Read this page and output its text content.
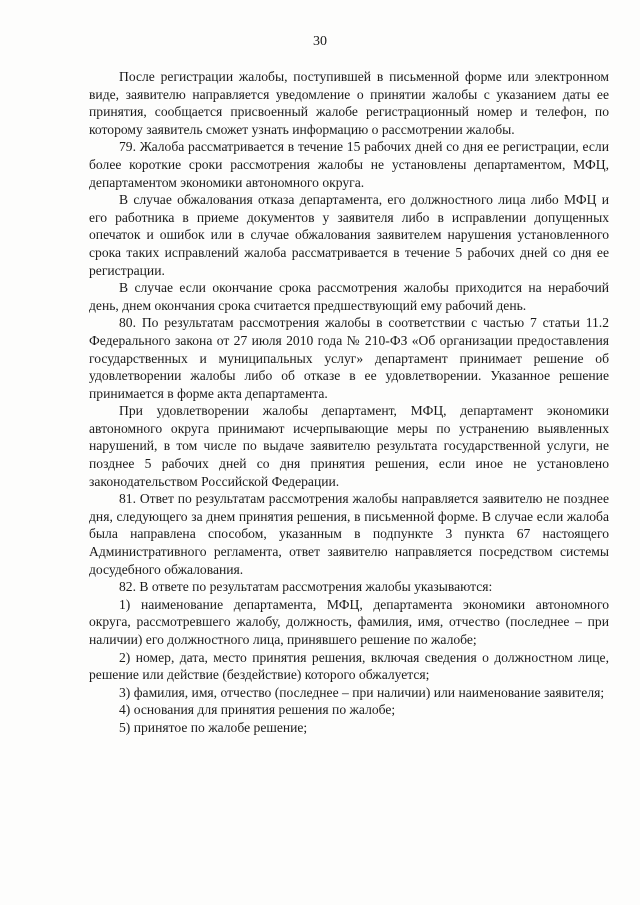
30

После регистрации жалобы, поступившей в письменной форме или электронном виде, заявителю направляется уведомление о принятии жалобы с указанием даты ее принятия, сообщается присвоенный жалобе регистрационный номер и телефон, по которому заявитель сможет узнать информацию о рассмотрении жалобы.

79. Жалоба рассматривается в течение 15 рабочих дней со дня ее регистрации, если более короткие сроки рассмотрения жалобы не установлены департаментом, МФЦ, департаментом экономики автономного округа.

В случае обжалования отказа департамента, его должностного лица либо МФЦ и его работника в приеме документов у заявителя либо в исправлении допущенных опечаток и ошибок или в случае обжалования заявителем нарушения установленного срока таких исправлений жалоба рассматривается в течение 5 рабочих дней со дня ее регистрации.

В случае если окончание срока рассмотрения жалобы приходится на нерабочий день, днем окончания срока считается предшествующий ему рабочий день.

80. По результатам рассмотрения жалобы в соответствии с частью 7 статьи 11.2 Федерального закона от 27 июля 2010 года № 210-ФЗ «Об организации предоставления государственных и муниципальных услуг» департамент принимает решение об удовлетворении жалобы либо об отказе в ее удовлетворении. Указанное решение принимается в форме акта департамента.

При удовлетворении жалобы департамент, МФЦ, департамент экономики автономного округа принимают исчерпывающие меры по устранению выявленных нарушений, в том числе по выдаче заявителю результата государственной услуги, не позднее 5 рабочих дней со дня принятия решения, если иное не установлено законодательством Российской Федерации.

81. Ответ по результатам рассмотрения жалобы направляется заявителю не позднее дня, следующего за днем принятия решения, в письменной форме. В случае если жалоба была направлена способом, указанным в подпункте 3 пункта 67 настоящего Административного регламента, ответ заявителю направляется посредством системы досудебного обжалования.

82. В ответе по результатам рассмотрения жалобы указываются:

1) наименование департамента, МФЦ, департамента экономики автономного округа, рассмотревшего жалобу, должность, фамилия, имя, отчество (последнее – при наличии) его должностного лица, принявшего решение по жалобе;

2) номер, дата, место принятия решения, включая сведения о должностном лице, решение или действие (бездействие) которого обжалуется;

3) фамилия, имя, отчество (последнее – при наличии) или наименование заявителя;

4) основания для принятия решения по жалобе;

5) принятое по жалобе решение;
